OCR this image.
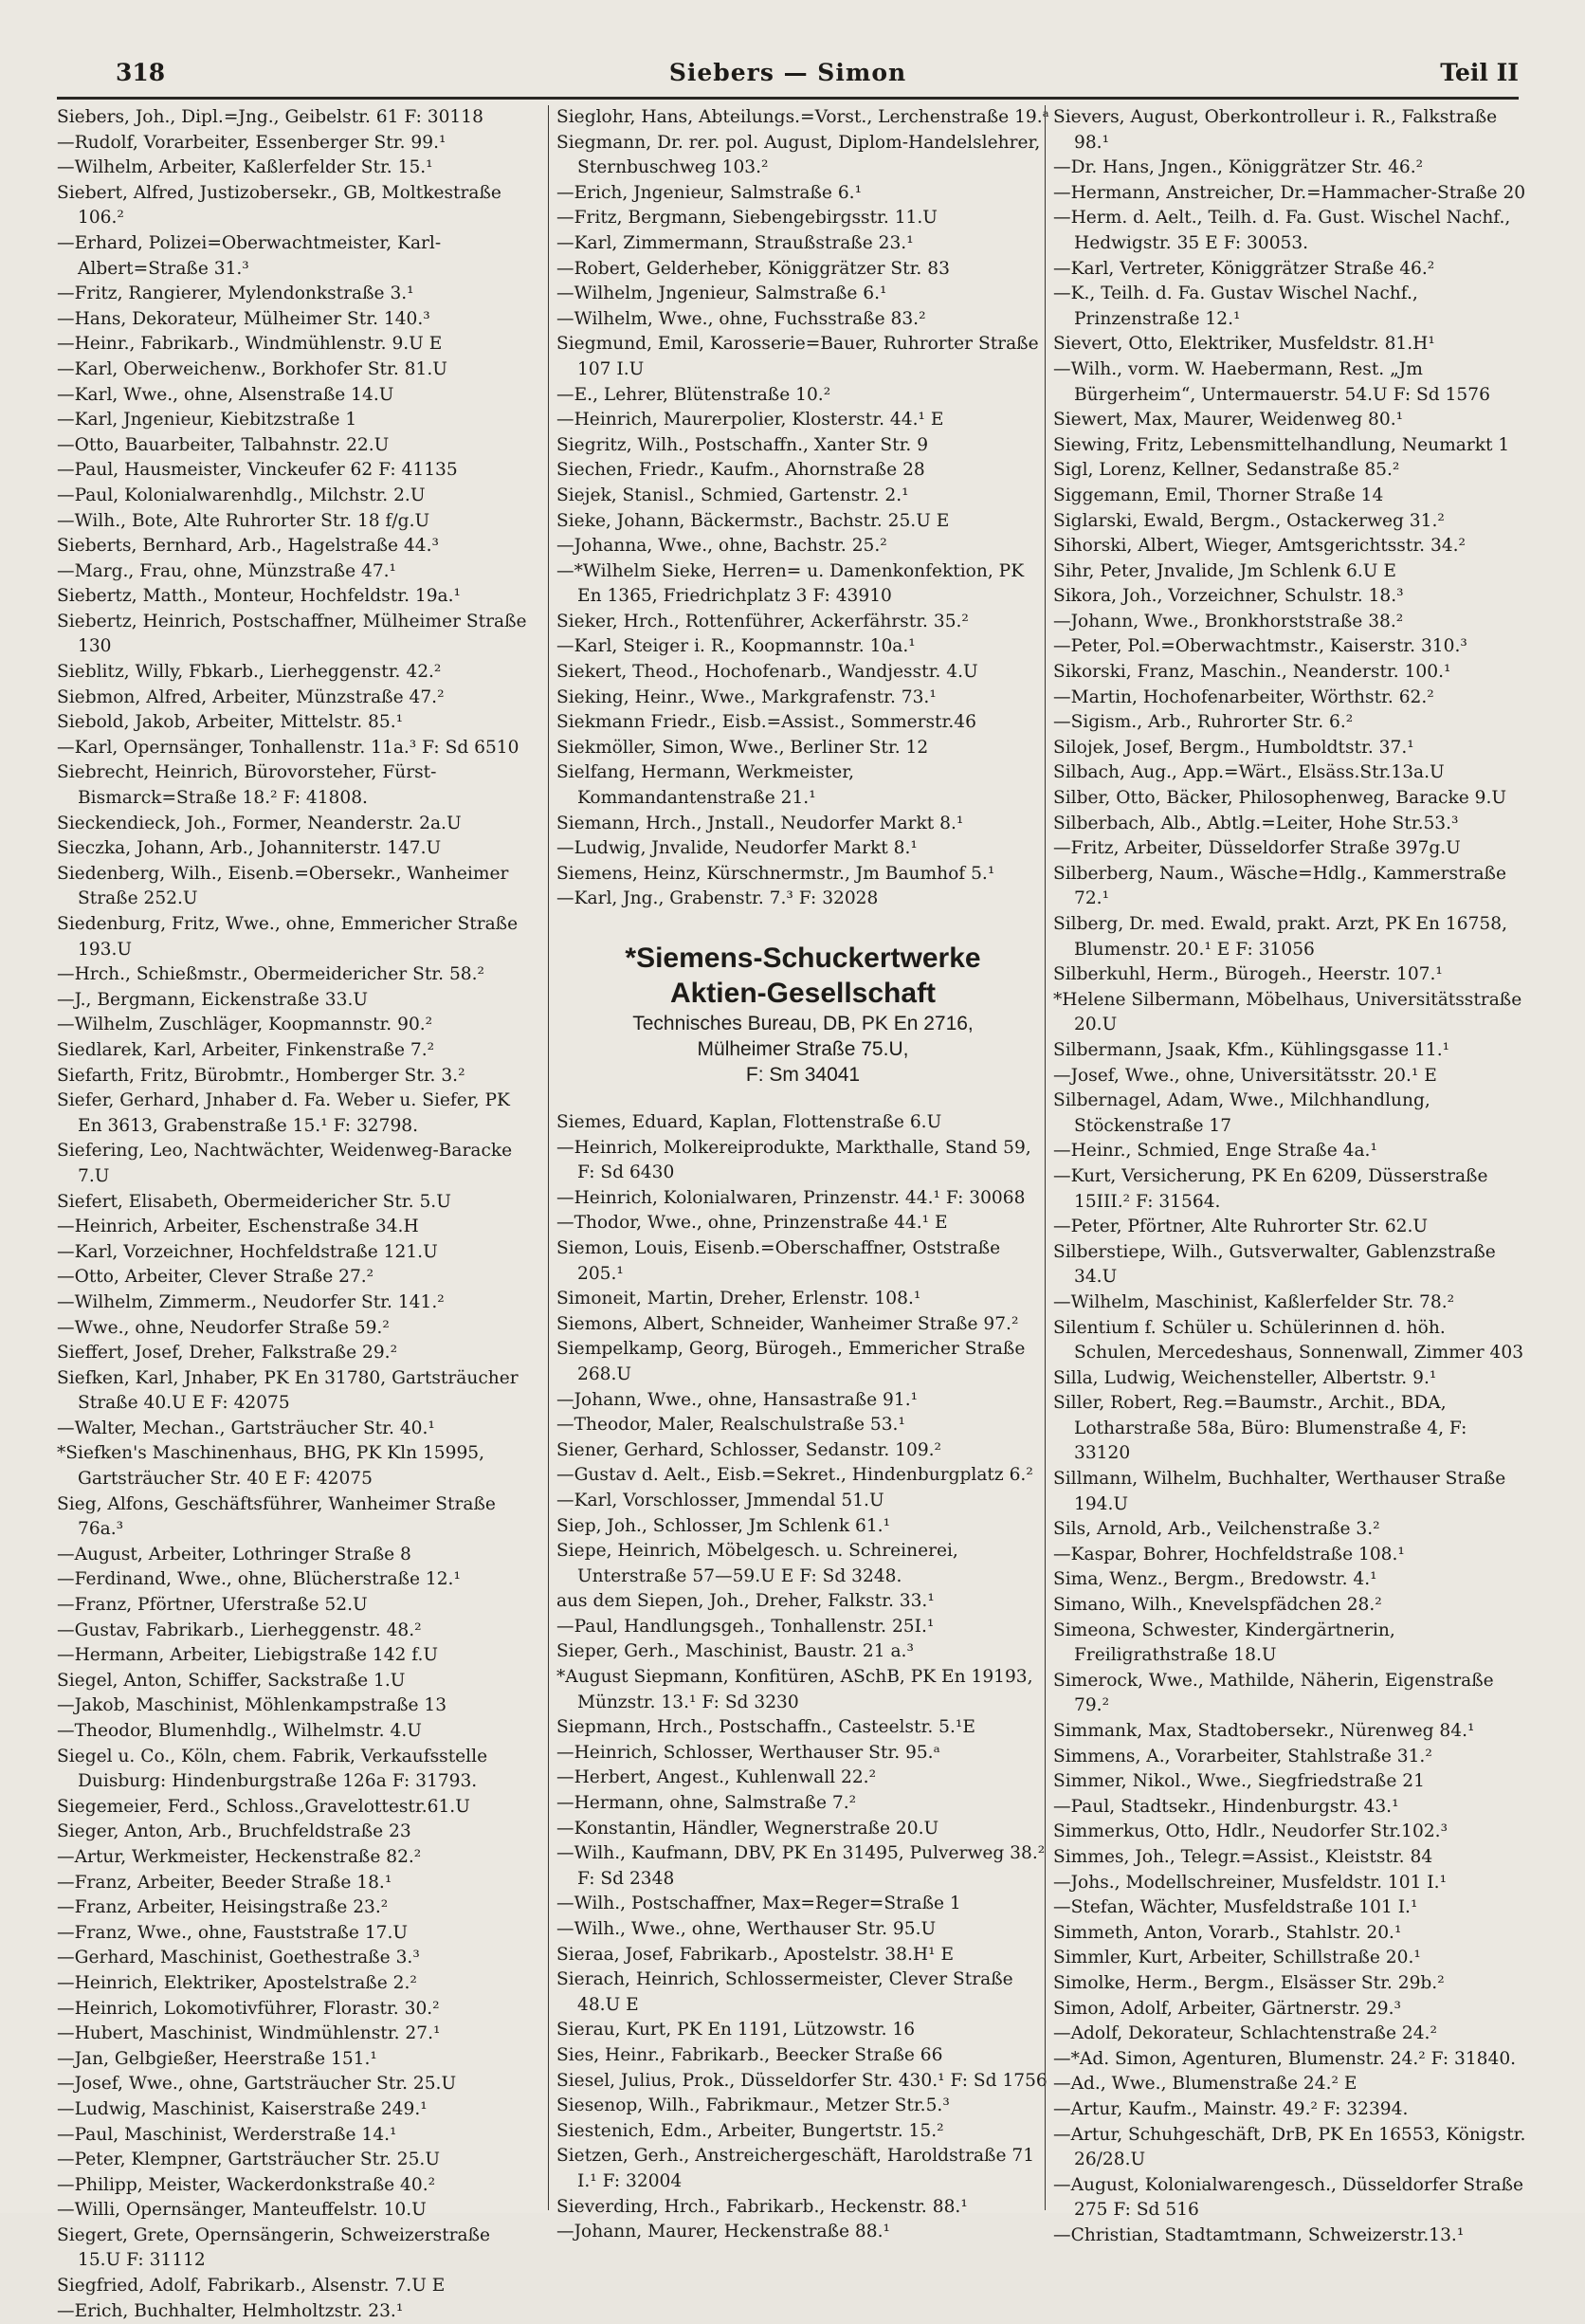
318	Siebers — Simon	Teil II
Siebers, Joh., Dipl.=Jng., Geibelstr. 61 F: 30118
—Rudolf, Vorarbeiter, Essenberger Str. 99.¹
—Wilhelm, Arbeiter, Kaßlerfelder Str. 15.¹
Siebert, Alfred, Justizobersekr., GB, Moltkestraße 106.²
—Erhard, Polizei=Oberwachtmeister, Karl-Albert=Straße 31.³
—Fritz, Rangierer, Mylendonkstraße 3.¹
—Hans, Dekorateur, Mülheimer Str. 140.³
—Heinr., Fabrikarb., Windmühlenstr. 9.U E
—Karl, Oberweichenw., Borkhofer Str. 81.U
—Karl, Wwe., ohne, Alsenstraße 14.U
—Karl, Jngenieur, Kiebitzstraße 1
—Otto, Bauarbeiter, Talbahnstr. 22.U
—Paul, Hausmeister, Vinckeufer 62 F: 41135
—Paul, Kolonialwarenhdlg., Milchstr. 2.U
—Wilh., Bote, Alte Ruhrorter Str. 18 f/g.U
Sieberts, Bernhard, Arb., Hagelstraße 44.³
—Marg., Frau, ohne, Münzstraße 47.¹
Siebertz, Matth., Monteur, Hochfeldstr. 19a.¹
Siebertz, Heinrich, Postschaffner, Mülheimer Straße 130
Sieblitz, Willy, Fbkarb., Lierheggenstr. 42.²
Siebmon, Alfred, Arbeiter, Münzstraße 47.²
Siebold, Jakob, Arbeiter, Mittelstr. 85.¹
—Karl, Opernsänger, Tonhallenstr. 11a.³ F: Sd 6510
Siebrecht, Heinrich, Bürovorsteher, Fürst-Bismarck=Straße 18.² F: 41808.
Sieckendieck, Joh., Former, Neanderstr. 2a.U
Sieczka, Johann, Arb., Johanniterstr. 147.U
Siedenberg, Wilh., Eisenb.=Obersekr., Wanheimer Straße 252.U
Siedenburg, Fritz, Wwe., ohne, Emmericher Straße 193.U
—Hrch., Schießmstr., Obermeidericher Str. 58.²
—J., Bergmann, Eickenstraße 33.U
—Wilhelm, Zuschläger, Koopmannstr. 90.²
Siedlarek, Karl, Arbeiter, Finkenstraße 7.²
Siefarth, Fritz, Bürobmtr., Homberger Str. 3.²
Siefer, Gerhard, Jnhaber d. Fa. Weber u. Siefer, PK En 3613, Grabenstraße 15.¹ F: 32798.
Siefering, Leo, Nachtwächter, Weidenweg-Baracke 7.U
Siefert, Elisabeth, Obermeidericher Str. 5.U
—Heinrich, Arbeiter, Eschenstraße 34.H
—Karl, Vorzeichner, Hochfeldstraße 121.U
—Otto, Arbeiter, Clever Straße 27.²
—Wilhelm, Zimmerm., Neudorfer Str. 141.²
—Wwe., ohne, Neudorfer Straße 59.²
Sieffert, Josef, Dreher, Falkstraße 29.²
Siefken, Karl, Jnhaber, PK En 31780, Gartsträucher Straße 40.U E F: 42075
—Walter, Mechan., Gartsträucher Str. 40.¹
*Siefken's Maschinenhaus, BHG, PK Kln 15995, Gartsträucher Str. 40 E F: 42075
Sieg, Alfons, Geschäftsführer, Wanheimer Straße 76a.³
—August, Arbeiter, Lothringer Straße 8
—Ferdinand, Wwe., ohne, Blücherstraße 12.¹
—Franz, Pförtner, Uferstraße 52.U
—Gustav, Fabrikarb., Lierheggenstr. 48.²
—Hermann, Arbeiter, Liebigstraße 142 f.U
Siegel, Anton, Schiffer, Sackstraße 1.U
—Jakob, Maschinist, Möhlenkampstraße 13
—Theodor, Blumenhdlg., Wilhelmstr. 4.U
Siegel u. Co., Köln, chem. Fabrik, Verkaufsstelle Duisburg: Hindenburgstraße 126a F: 31793.
Siegemeier, Ferd., Schloss.,Gravelottestr.61.U
Sieger, Anton, Arb., Bruchfeldstraße 23
—Artur, Werkmeister, Heckenstraße 82.²
—Franz, Arbeiter, Beeder Straße 18.¹
—Franz, Arbeiter, Heisingstraße 23.²
—Franz, Wwe., ohne, Fauststraße 17.U
—Gerhard, Maschinist, Goethestraße 3.³
—Heinrich, Elektriker, Apostelstraße 2.²
—Heinrich, Lokomotivführer, Florastr. 30.²
—Hubert, Maschinist, Windmühlenstr. 27.¹
—Jan, Gelbgießer, Heerstraße 151.¹
—Josef, Wwe., ohne, Gartsträucher Str. 25.U
—Ludwig, Maschinist, Kaiserstraße 249.¹
—Paul, Maschinist, Werderstraße 14.¹
—Peter, Klempner, Gartsträucher Str. 25.U
—Philipp, Meister, Wackerdonkstraße 40.²
—Willi, Opernsänger, Manteuffelstr. 10.U
Siegert, Grete, Opernsängerin, Schweizerstraße 15.U F: 31112
Siegfried, Adolf, Fabrikarb., Alsenstr. 7.U E
—Erich, Buchhalter, Helmholtzstr. 23.¹
Sieglohr, Hans, Abteilungs.=Vorst., Lerchenstraße 19.ᵃ
Siegmann, Dr. rer. pol. August, Diplom-Handelslehrer, Sternbuschweg 103.²
—Erich, Jngenieur, Salmstraße 6.¹
—Fritz, Bergmann, Siebengebirgsstr. 11.U
—Karl, Zimmermann, Straußstraße 23.¹
—Robert, Gelderheber, Königgrätzer Str. 83
—Wilhelm, Jngenieur, Salmstraße 6.¹
—Wilhelm, Wwe., ohne, Fuchsstraße 83.²
Siegmund, Emil, Karosserie=Bauer, Ruhrorter Straße 107 I.U
—E., Lehrer, Blütenstraße 10.²
—Heinrich, Maurerpolier, Klosterstr. 44.¹ E
Siegritz, Wilh., Postschaffn., Xanter Str. 9
Siechen, Friedr., Kaufm., Ahornstraße 28
Siejek, Stanisl., Schmied, Gartenstr. 2.¹
Sieke, Johann, Bäckermstr., Bachstr. 25.U E
—Johanna, Wwe., ohne, Bachstr. 25.²
—*Wilhelm Sieke, Herren= u. Damenkonfektion, PK En 1365, Friedrichplatz 3 F: 43910
Sieker, Hrch., Rottenführer, Ackerfährstr. 35.²
—Karl, Steiger i. R., Koopmannstr. 10a.¹
Siekert, Theod., Hochofenarb., Wandjesstr. 4.U
Sieking, Heinr., Wwe., Markgrafenstr. 73.¹
Siekmann Friedr., Eisb.=Assist., Sommerstr.46
Siekmöller, Simon, Wwe., Berliner Str. 12
Sielfang, Hermann, Werkmeister, Kommandantenstraße 21.¹
Siemann, Hrch., Jnstall., Neudorfer Markt 8.¹
—Ludwig, Jnvalide, Neudorfer Markt 8.¹
Siemens, Heinz, Kürschnermstr., Jm Baumhof 5.¹
—Karl, Jng., Grabenstr. 7.³ F: 32028
*Siemens-Schuckertwerke
Aktien-Gesellschaft
Technisches Bureau, DB, PK En 2716,
Mülheimer Straße 75.U,
F: Sm 34041
Siemes, Eduard, Kaplan, Flottenstraße 6.U
—Heinrich, Molkereiprodukte, Markthalle, Stand 59, F: Sd 6430
—Heinrich, Kolonialwaren, Prinzenstr. 44.¹ F: 30068
—Thodor, Wwe., ohne, Prinzenstraße 44.¹ E
Siemon, Louis, Eisenb.=Oberschaffner, Oststraße 205.¹
Simoneit, Martin, Dreher, Erlenstr. 108.¹
Siemons, Albert, Schneider, Wanheimer Straße 97.²
Siempelkamp, Georg, Bürogeh., Emmericher Straße 268.U
—Johann, Wwe., ohne, Hansastraße 91.¹
—Theodor, Maler, Realschulstraße 53.¹
Siener, Gerhard, Schlosser, Sedanstr. 109.²
—Gustav d. Aelt., Eisb.=Sekret., Hindenburgplatz 6.²
—Karl, Vorschlosser, Jmmendal 51.U
Siep, Joh., Schlosser, Jm Schlenk 61.¹
Siepe, Heinrich, Möbelgesch. u. Schreinerei, Unterstraße 57—59.U E F: Sd 3248.
aus dem Siepen, Joh., Dreher, Falkstr. 33.¹
—Paul, Handlungsgeh., Tonhallenstr. 25I.¹
Sieper, Gerh., Maschinist, Baustr. 21 a.³
*August Siepmann, Konfitüren, ASchB, PK En 19193, Münzstr. 13.¹ F: Sd 3230
Siepmann, Hrch., Postschaffn., Casteelstr. 5.¹E
—Heinrich, Schlosser, Werthauser Str. 95.ᵃ
—Herbert, Angest., Kuhlenwall 22.²
—Hermann, ohne, Salmstraße 7.²
—Konstantin, Händler, Wegnerstraße 20.U
—Wilh., Kaufmann, DBV, PK En 31495, Pulverweg 38.² F: Sd 2348
—Wilh., Postschaffner, Max=Reger=Straße 1
—Wilh., Wwe., ohne, Werthauser Str. 95.U
Sieraa, Josef, Fabrikarb., Apostelstr. 38.H¹ E
Sierach, Heinrich, Schlossermeister, Clever Straße 48.U E
Sierau, Kurt, PK En 1191, Lützowstr. 16
Sies, Heinr., Fabrikarb., Beecker Straße 66
Siesel, Julius, Prok., Düsseldorfer Str. 430.¹ F: Sd 1756
Siesenop, Wilh., Fabrikmaur., Metzer Str.5.³
Siestenich, Edm., Arbeiter, Bungertstr. 15.²
Sietzen, Gerh., Anstreichergeschäft, Haroldstraße 71 I.¹ F: 32004
Sieverding, Hrch., Fabrikarb., Heckenstr. 88.¹
—Johann, Maurer, Heckenstraße 88.¹
Sievers, August, Oberkontrolleur i. R., Falkstraße 98.¹
—Dr. Hans, Jngen., Königgrätzer Str. 46.²
—Hermann, Anstreicher, Dr.=Hammacher-Straße 20
—Herm. d. Aelt., Teilh. d. Fa. Gust. Wischel Nachf., Hedwigstr. 35 E F: 30053.
—Karl, Vertreter, Königgrätzer Straße 46.²
—K., Teilh. d. Fa. Gustav Wischel Nachf., Prinzenstraße 12.¹
Sievert, Otto, Elektriker, Musfeldstr. 81.H¹
—Wilh., vorm. W. Haebermann, Rest. „Jm Bürgerheim“, Untermauerstr. 54.U F: Sd 1576
Siewert, Max, Maurer, Weidenweg 80.¹
Siewing, Fritz, Lebensmittelhandlung, Neumarkt 1
Sigl, Lorenz, Kellner, Sedanstraße 85.²
Siggemann, Emil, Thorner Straße 14
Siglarski, Ewald, Bergm., Ostackerweg 31.²
Sihorski, Albert, Wieger, Amtsgerichtsstr. 34.²
Sihr, Peter, Jnvalide, Jm Schlenk 6.U E
Sikora, Joh., Vorzeichner, Schulstr. 18.³
—Johann, Wwe., Bronkhorststraße 38.²
—Peter, Pol.=Oberwachtmstr., Kaiserstr. 310.³
Sikorski, Franz, Maschin., Neanderstr. 100.¹
—Martin, Hochofenarbeiter, Wörthstr. 62.²
—Sigism., Arb., Ruhrorter Str. 6.²
Silojek, Josef, Bergm., Humboldtstr. 37.¹
Silbach, Aug., App.=Wärt., Elsäss.Str.13a.U
Silber, Otto, Bäcker, Philosophenweg, Baracke 9.U
Silberbach, Alb., Abtlg.=Leiter, Hohe Str.53.³
—Fritz, Arbeiter, Düsseldorfer Straße 397g.U
Silberberg, Naum., Wäsche=Hdlg., Kammerstraße 72.¹
Silberg, Dr. med. Ewald, prakt. Arzt, PK En 16758, Blumenstr. 20.¹ E F: 31056
Silberkuhl, Herm., Bürogeh., Heerstr. 107.¹
*Helene Silbermann, Möbelhaus, Universitätsstraße 20.U
Silbermann, Jsaak, Kfm., Kühlingsgasse 11.¹
—Josef, Wwe., ohne, Universitätsstr. 20.¹ E
Silbernagel, Adam, Wwe., Milchhandlung, Stöckenstraße 17
—Heinr., Schmied, Enge Straße 4a.¹
—Kurt, Versicherung, PK En 6209, Düsserstraße 15III.² F: 31564.
—Peter, Pförtner, Alte Ruhrorter Str. 62.U
Silberstiepe, Wilh., Gutsverwalter, Gablenzstraße 34.U
—Wilhelm, Maschinist, Kaßlerfelder Str. 78.²
Silentium f. Schüler u. Schülerinnen d. höh. Schulen, Mercedeshaus, Sonnenwall, Zimmer 403
Silla, Ludwig, Weichensteller, Albertstr. 9.¹
Siller, Robert, Reg.=Baumstr., Archit., BDA, Lotharstraße 58a, Büro: Blumenstraße 4, F: 33120
Sillmann, Wilhelm, Buchhalter, Werthauser Straße 194.U
Sils, Arnold, Arb., Veilchenstraße 3.²
—Kaspar, Bohrer, Hochfeldstraße 108.¹
Sima, Wenz., Bergm., Bredowstr. 4.¹
Simano, Wilh., Knevelspfädchen 28.²
Simeona, Schwester, Kindergärtnerin, Freiligrathstraße 18.U
Simerock, Wwe., Mathilde, Näherin, Eigenstraße 79.²
Simmank, Max, Stadtobersekr., Nürenweg 84.¹
Simmens, A., Vorarbeiter, Stahlstraße 31.²
Simmer, Nikol., Wwe., Siegfriedstraße 21
—Paul, Stadtsekr., Hindenburgstr. 43.¹
Simmerkus, Otto, Hdlr., Neudorfer Str.102.³
Simmes, Joh., Telegr.=Assist., Kleiststr. 84
—Johs., Modellschreiner, Musfeldstr. 101 I.¹
—Stefan, Wächter, Musfeldstraße 101 I.¹
Simmeth, Anton, Vorarb., Stahlstr. 20.¹
Simmler, Kurt, Arbeiter, Schillstraße 20.¹
Simolke, Herm., Bergm., Elsässer Str. 29b.²
Simon, Adolf, Arbeiter, Gärtnerstr. 29.³
—Adolf, Dekorateur, Schlachtenstraße 24.²
—*Ad. Simon, Agenturen, Blumenstr. 24.² F: 31840.
—Ad., Wwe., Blumenstraße 24.² E
—Artur, Kaufm., Mainstr. 49.² F: 32394.
—Artur, Schuhgeschäft, DrB, PK En 16553, Königstr. 26/28.U
—August, Kolonialwarengesch., Düsseldorfer Straße 275 F: Sd 516
—Christian, Stadtamtmann, Schweizerstr.13.¹
